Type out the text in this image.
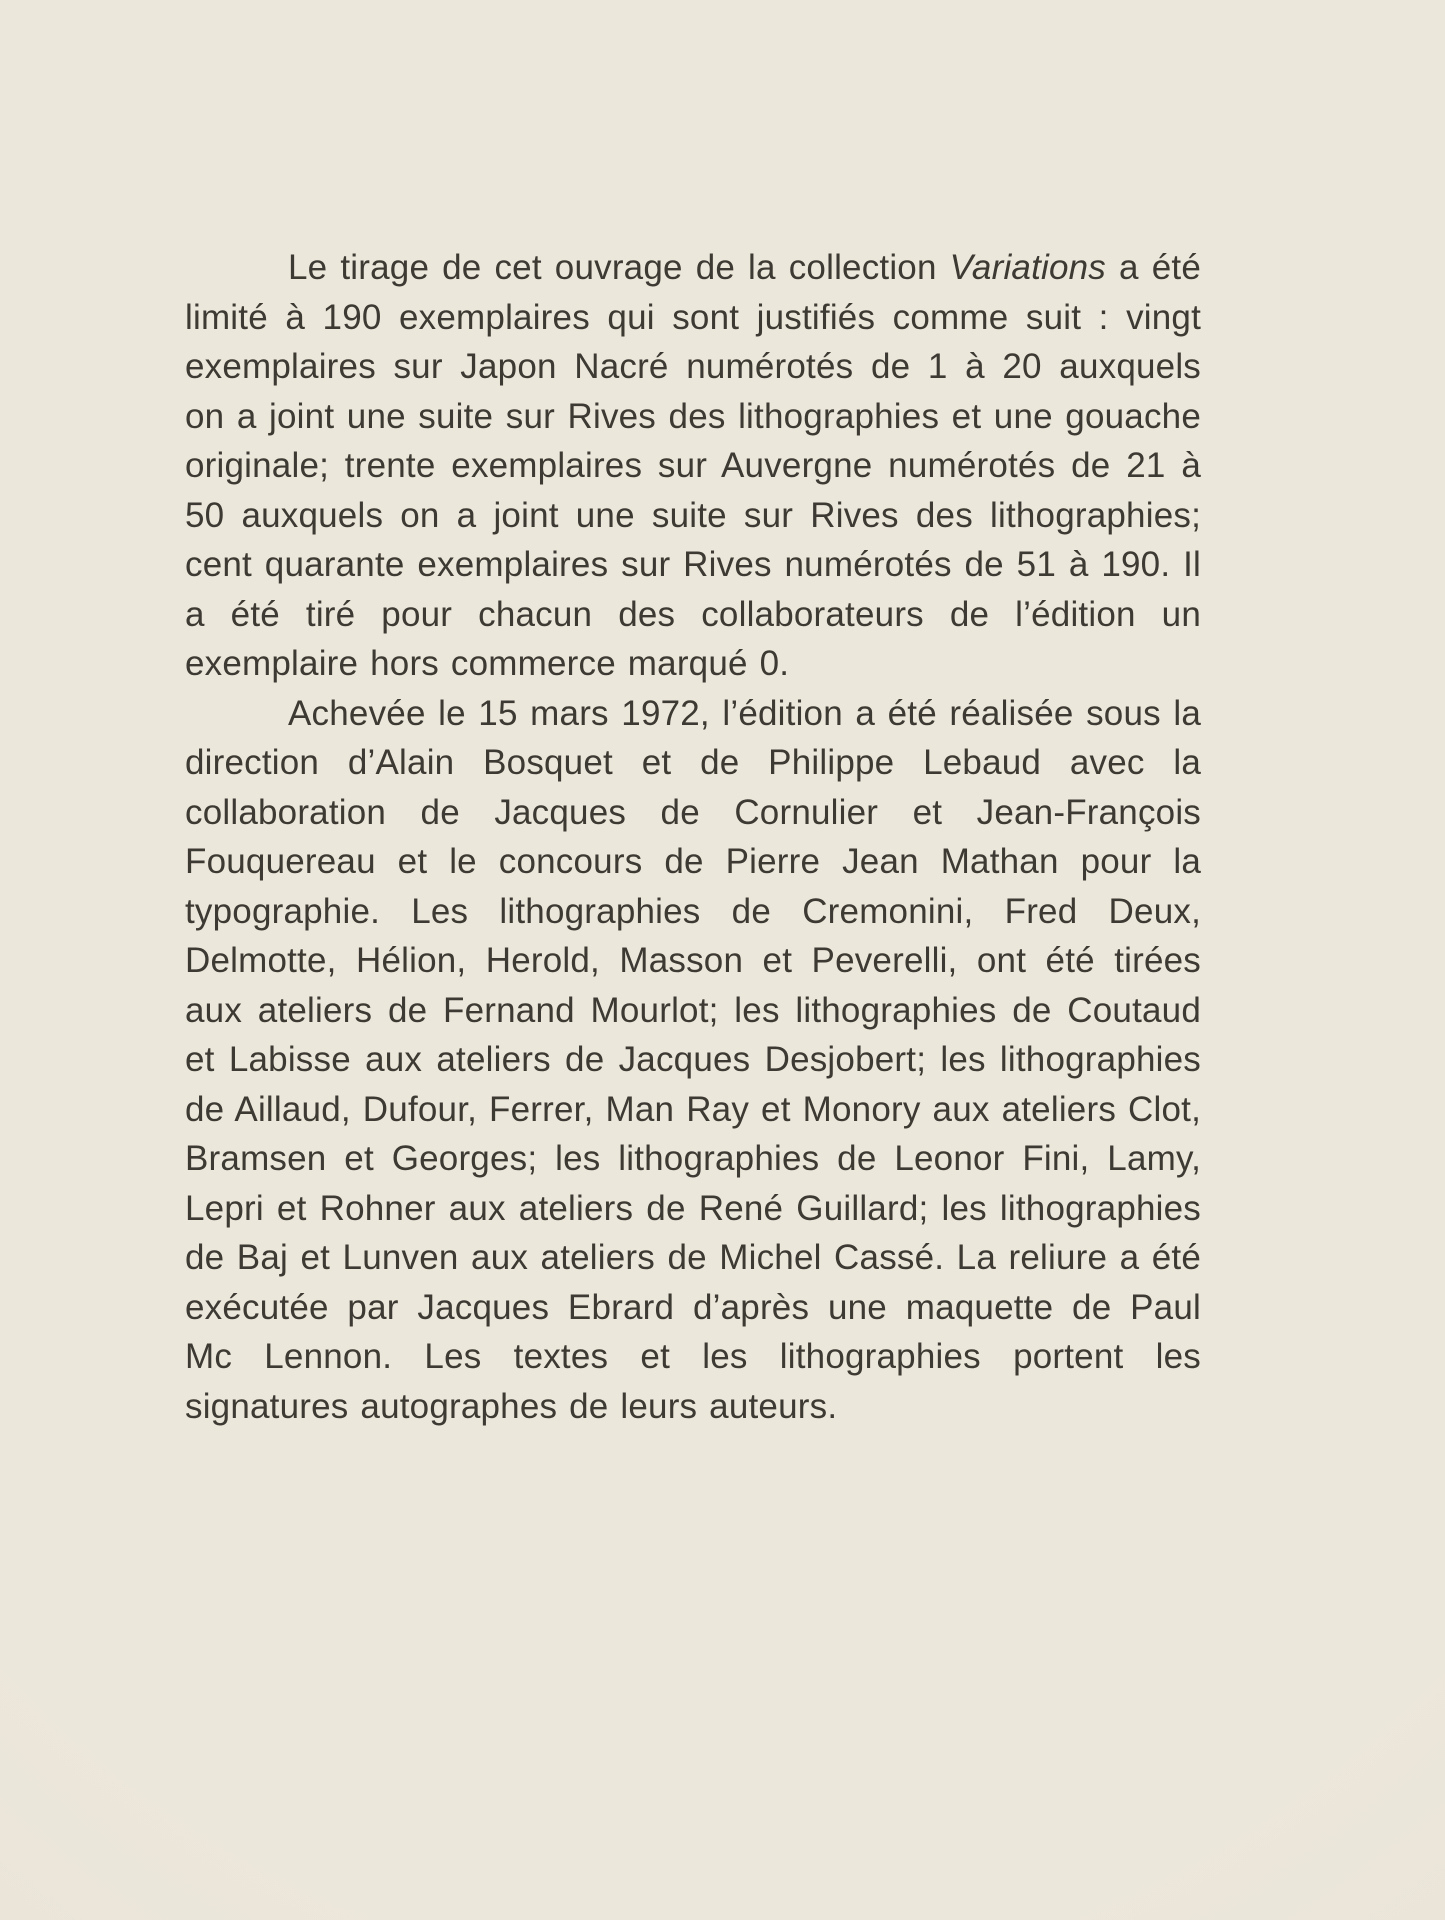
Le tirage de cet ouvrage de la collection Variations a été limité à 190 exemplaires qui sont justifiés comme suit : vingt exemplaires sur Japon Nacré numérotés de 1 à 20 auxquels on a joint une suite sur Rives des lithographies et une gouache originale; trente exemplaires sur Auvergne numérotés de 21 à 50 auxquels on a joint une suite sur Rives des lithographies; cent quarante exemplaires sur Rives numérotés de 51 à 190. Il a été tiré pour chacun des collaborateurs de l’édition un exemplaire hors commerce marqué 0.

Achevée le 15 mars 1972, l’édition a été réalisée sous la direction d’Alain Bosquet et de Philippe Lebaud avec la collaboration de Jacques de Cornulier et Jean-François Fouquereau et le concours de Pierre Jean Mathan pour la typographie. Les lithographies de Cremonini, Fred Deux, Delmotte, Hélion, Herold, Masson et Peverelli, ont été tirées aux ateliers de Fernand Mourlot; les lithographies de Coutaud et Labisse aux ateliers de Jacques Desjobert; les lithographies de Aillaud, Dufour, Ferrer, Man Ray et Monory aux ateliers Clot, Bramsen et Georges; les lithographies de Leonor Fini, Lamy, Lepri et Rohner aux ateliers de René Guillard; les lithographies de Baj et Lunven aux ateliers de Michel Cassé. La reliure a été exécutée par Jacques Ebrard d’après une maquette de Paul Mc Lennon. Les textes et les lithographies portent les signatures autographes de leurs auteurs.
